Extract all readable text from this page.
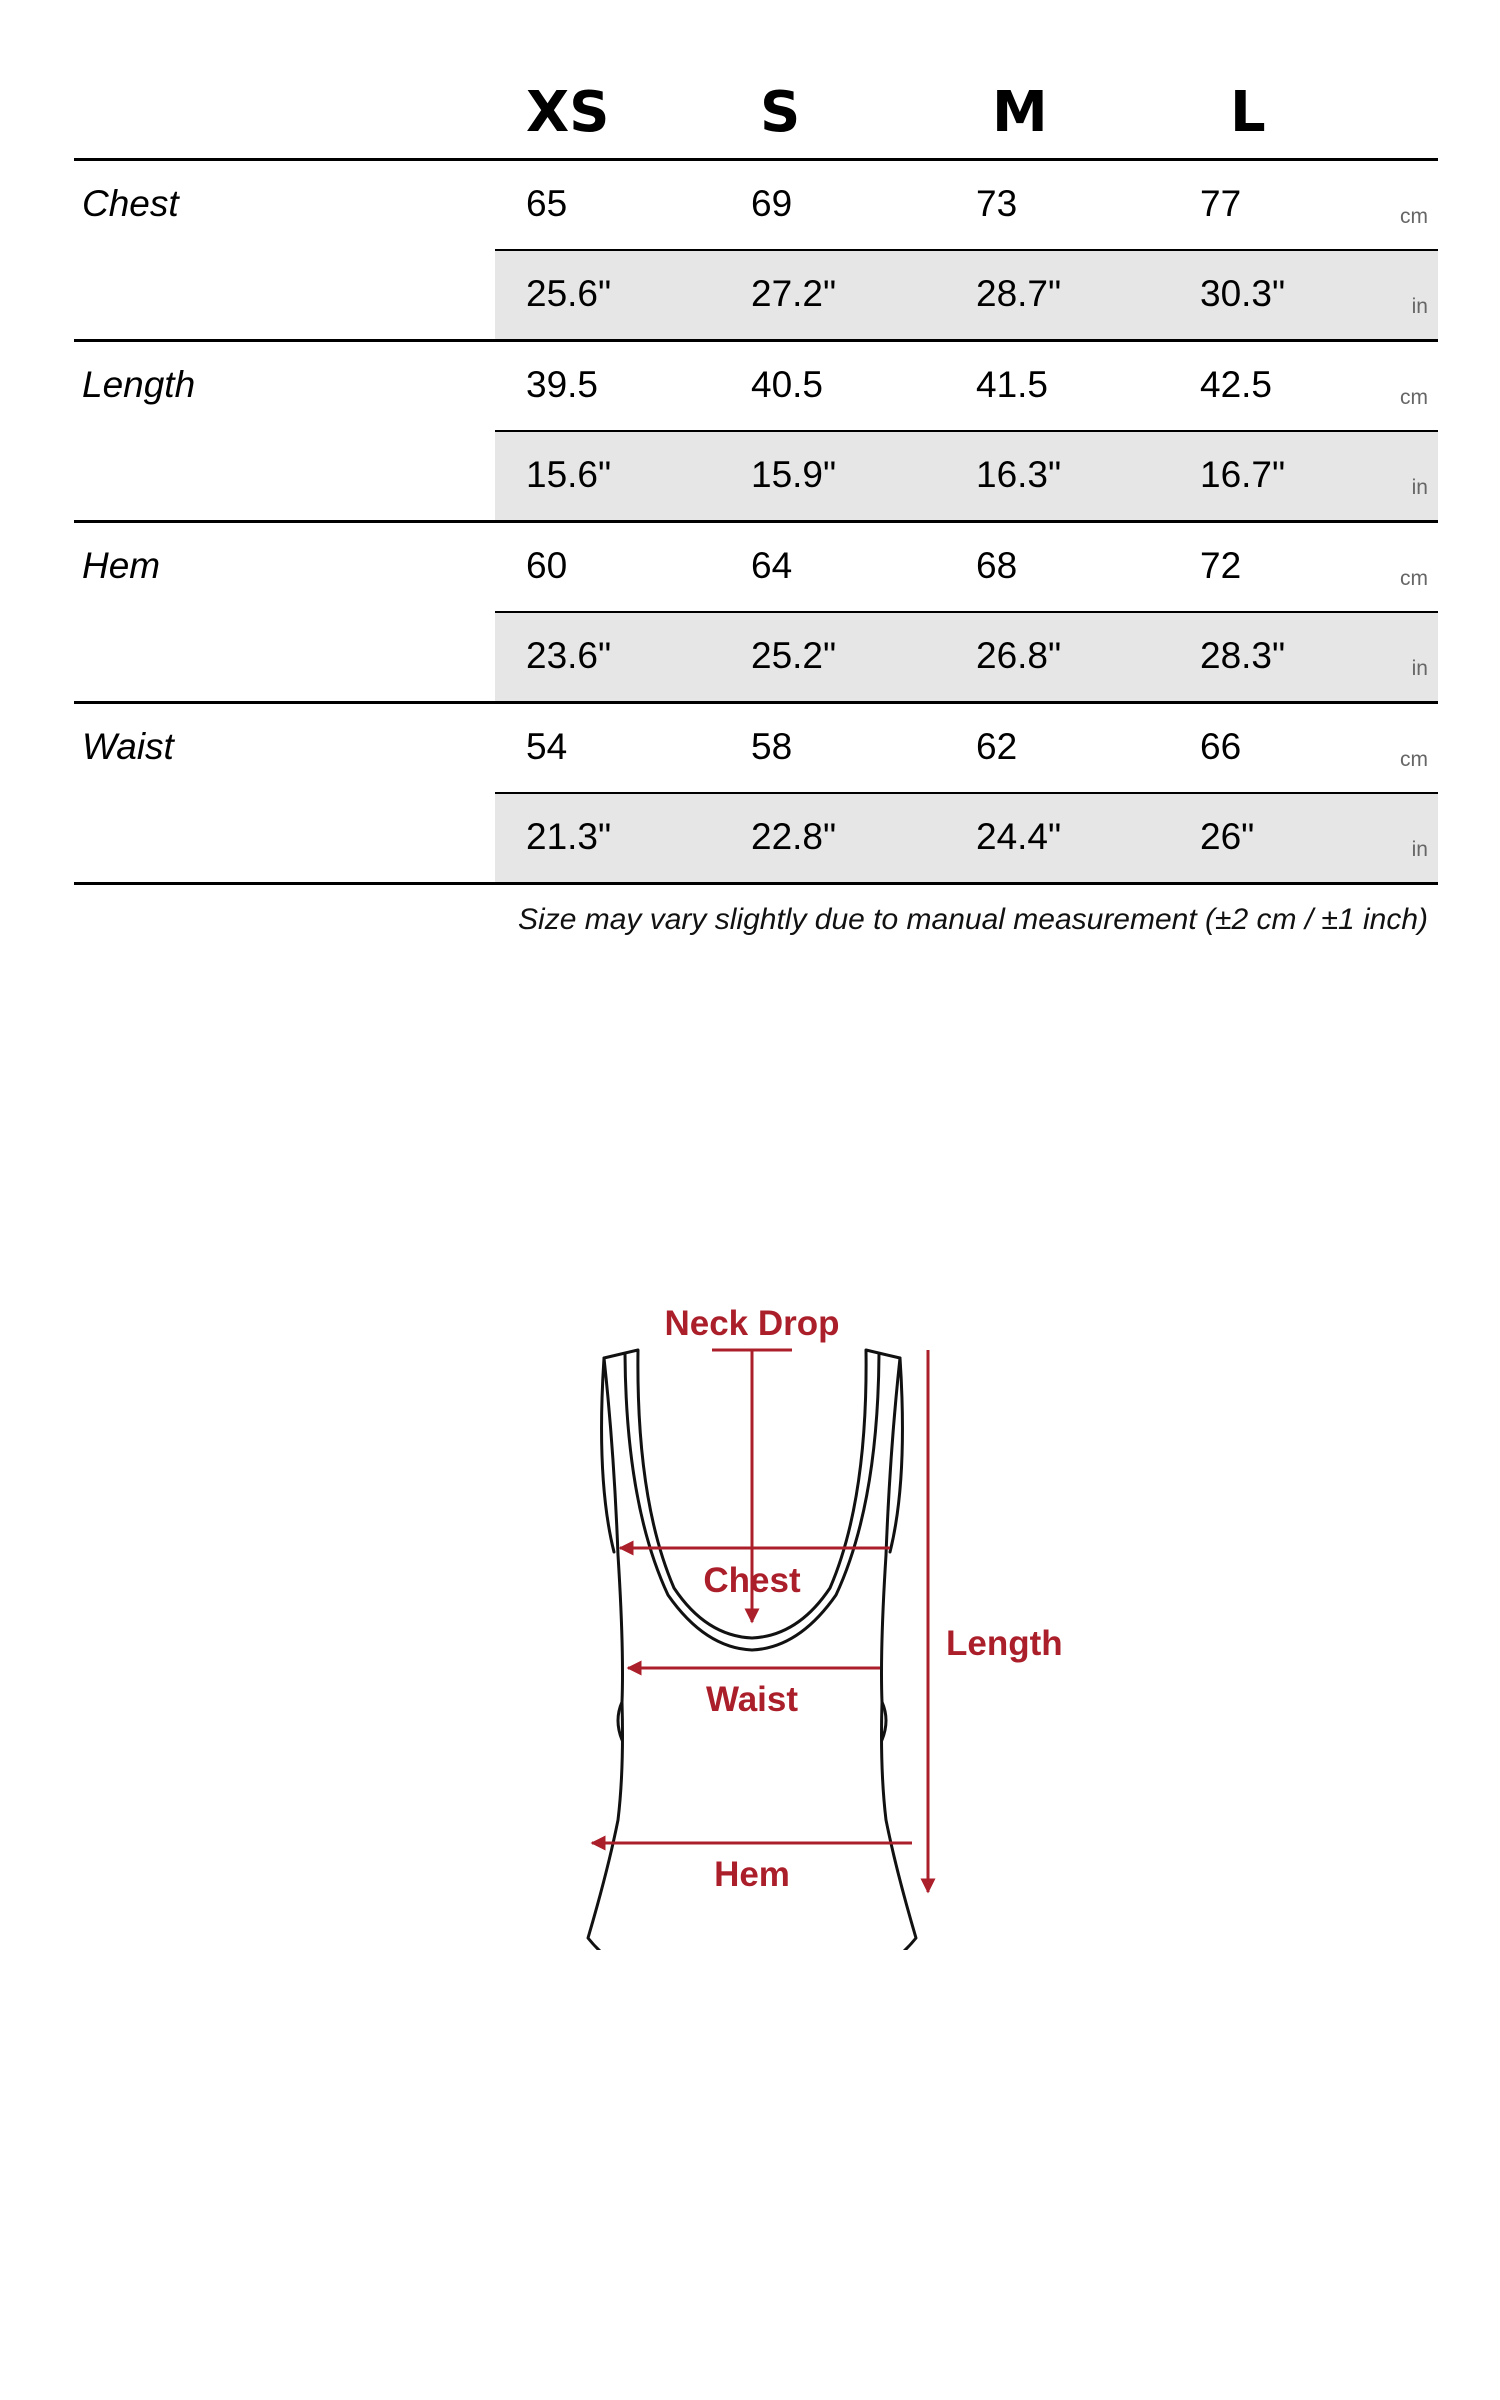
XS	S	M	L
Chest	65	69	73	77	cm
25.6"	27.2"	28.7"	30.3"	in
Length	39.5	40.5	41.5	42.5	cm
15.6"	15.9"	16.3"	16.7"	in
Hem	60	64	68	72	cm
23.6"	25.2"	26.8"	28.3"	in
Waist	54	58	62	66	cm
21.3"	22.8"	24.4"	26"	in
Size may vary slightly due to manual measurement (±2 cm / ±1 inch)
Neck Drop
Chest
Waist
Hem
Length
